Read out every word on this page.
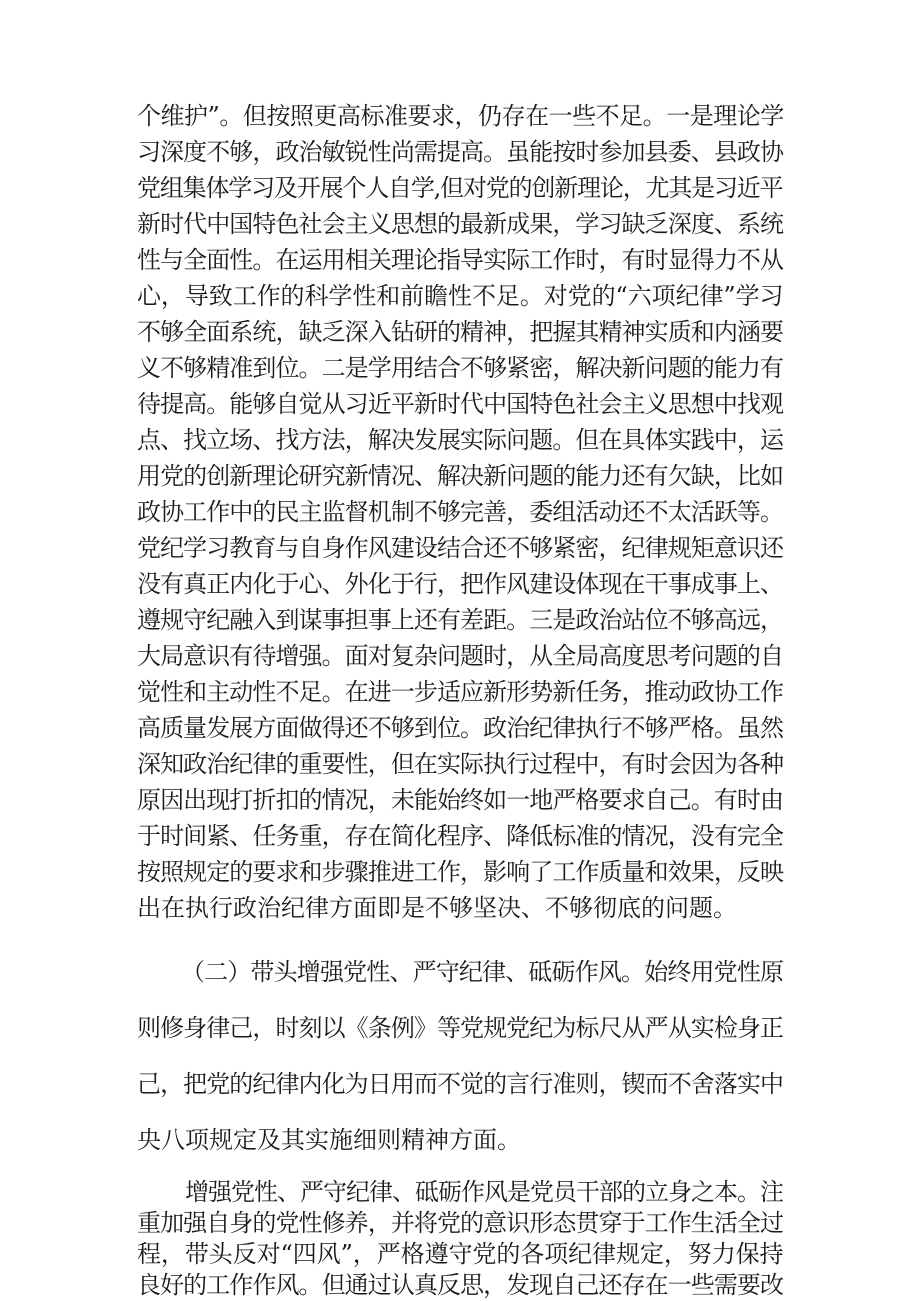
个维护”。但按照更高标准要求，仍存在一些不足。一是理论学
习深度不够，政治敏锐性尚需提高。虽能按时参加县委、县政协
党组集体学习及开展个人自学,但对党的创新理论，尤其是习近平
新时代中国特色社会主义思想的最新成果，学习缺乏深度、系统
性与全面性。在运用相关理论指导实际工作时，有时显得力不从
心，导致工作的科学性和前瞻性不足。对党的“六项纪律”学习
不够全面系统，缺乏深入钻研的精神，把握其精神实质和内涵要
义不够精准到位。二是学用结合不够紧密，解决新问题的能力有
待提高。能够自觉从习近平新时代中国特色社会主义思想中找观
点、找立场、找方法，解决发展实际问题。但在具体实践中，运
用党的创新理论研究新情况、解决新问题的能力还有欠缺，比如
政协工作中的民主监督机制不够完善，委组活动还不太活跃等。
党纪学习教育与自身作风建设结合还不够紧密，纪律规矩意识还
没有真正内化于心、外化于行，把作风建设体现在干事成事上、
遵规守纪融入到谋事担事上还有差距。三是政治站位不够高远，
大局意识有待增强。面对复杂问题时，从全局高度思考问题的自
觉性和主动性不足。在进一步适应新形势新任务，推动政协工作
高质量发展方面做得还不够到位。政治纪律执行不够严格。虽然
深知政治纪律的重要性，但在实际执行过程中，有时会因为各种
原因出现打折扣的情况，未能始终如一地严格要求自己。有时由
于时间紧、任务重，存在简化程序、降低标准的情况，没有完全
按照规定的要求和步骤推进工作，影响了工作质量和效果，反映
出在执行政治纪律方面即是不够坚决、不够彻底的问题。
（二）带头增强党性、严守纪律、砥砺作风。始终用党性原
则修身律己，时刻以《条例》等党规党纪为标尺从严从实检身正
己，把党的纪律内化为日用而不觉的言行准则，锲而不舍落实中
央八项规定及其实施细则精神方面。
增强党性、严守纪律、砥砺作风是党员干部的立身之本。注
重加强自身的党性修养，并将党的意识形态贯穿于工作生活全过
程，带头反对“四风”，严格遵守党的各项纪律规定，努力保持
良好的工作作风。但通过认真反思，发现自己还存在一些需要改
